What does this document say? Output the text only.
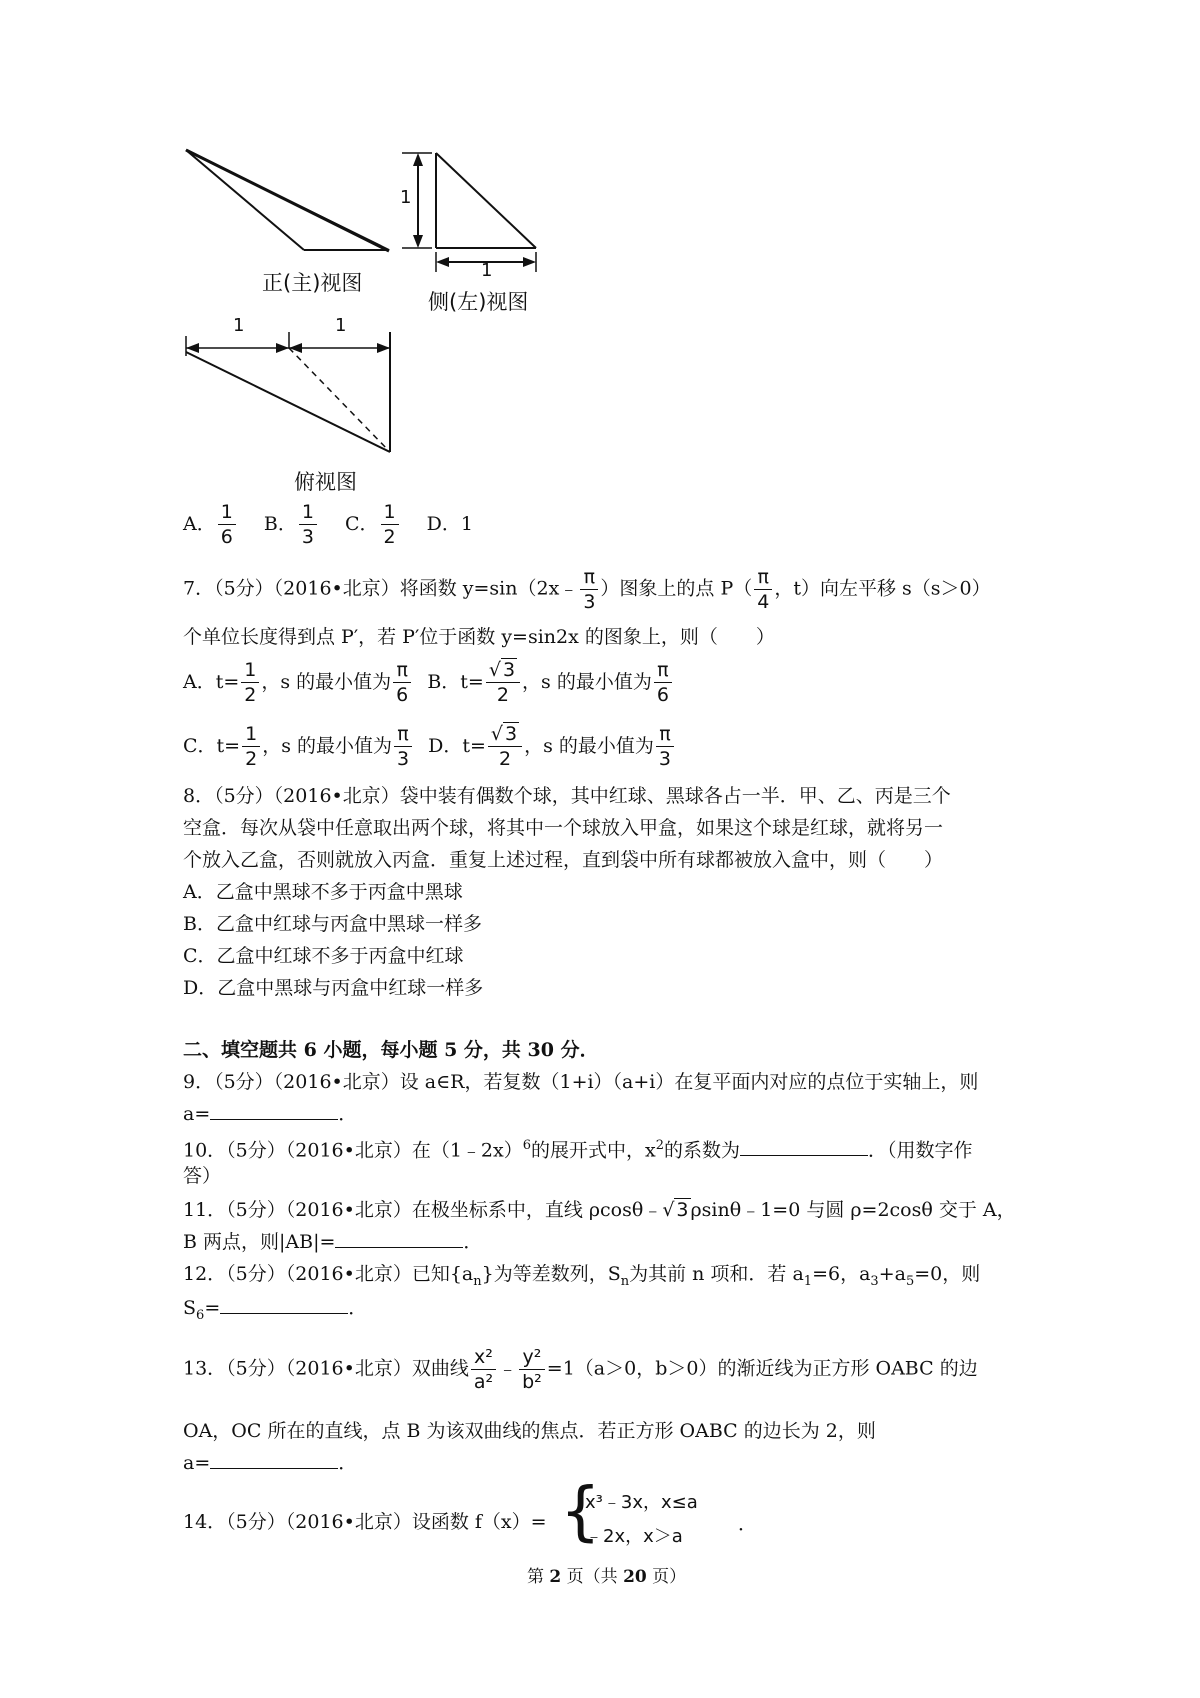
正(主)视图
侧(左)视图
俯视图
1
1
1	1
A． $\frac{1}{6}$ B． $\frac{1}{3}$ C． $\frac{1}{2}$ D．1
7．（5分）（2016•北京）将函数 y=sin（2x﹣ $\frac{\pi}{3}$ ）图象上的点 $P( \frac{\pi}{4}$ ，t）向左平移 s（s＞0）
个单位长度得到点 P′，若 P′位于函数 y=sin2x 的图象上，则（　　）
A．$t= \frac{1}{2}$ ，s 的最小值为 $\frac{\pi}{6}$ B．$t= \frac{√ 3}{2}$ ，s 的最小值为 $\frac{\pi}{6}$
C．$t= \frac{1}{2}$ ，s 的最小值为 $\frac{\pi}{3}$ D．$t= \frac{√ 3}{2}$ ，s 的最小值为 $\frac{\pi}{3}$
8．（5分）（2016•北京）袋中装有偶数个球，其中红球、黑球各占一半．甲、乙、丙是三个
空盒．每次从袋中任意取出两个球，将其中一个球放入甲盒，如果这个球是红球，就将另一
个放入乙盒，否则就放入丙盒．重复上述过程，直到袋中所有球都被放入盒中，则（　　）
A．乙盒中黑球不多于丙盒中黑球
B．乙盒中红球与丙盒中黑球一样多
C．乙盒中红球不多于丙盒中红球
D．乙盒中黑球与丙盒中红球一样多
二、填空题共 6 小题，每小题 5 分，共 30 分．
9．（5分）（2016•北京）设 a∈R，若复数（1+i）（a+i）在复平面内对应的点位于实轴上，则
a=	．
10．（5分）（2016•北京）在（1﹣2x）$^6$的展开式中，$x^2$的系数为	．（用数字作
答）
11．（5分）（2016•北京）在极坐标系中，直线 ρcosθ﹣√ 3 ρsinθ﹣1=0 与圆 ρ=2cosθ 交于 A，
B 两点，则|AB|=	．
12．（5分）（2016•北京）已知$\{a_n\}$为等差数列，$S_n$为其前 n 项和．若 $a_1=6$，$a_3+a_5=0$，则
$S_6=$	．
13．（5分）（2016•北京）双曲线 $\frac{\text{x²}}{\text{a²}}$ ﹣ $\frac{\text{y²}}{\text{b²}} =1(a>0$，b＞0）的渐近线为正方形 OABC 的边
OA，OC 所在的直线，点 B 为该双曲线的焦点．若正方形 OABC 的边长为 2，则
a=	．
14．（5分）（2016•北京）设函数 f（x）= {
x³﹣3x，x≤a
﹣2x，x＞a
．
第 2 页（共 20 页）
